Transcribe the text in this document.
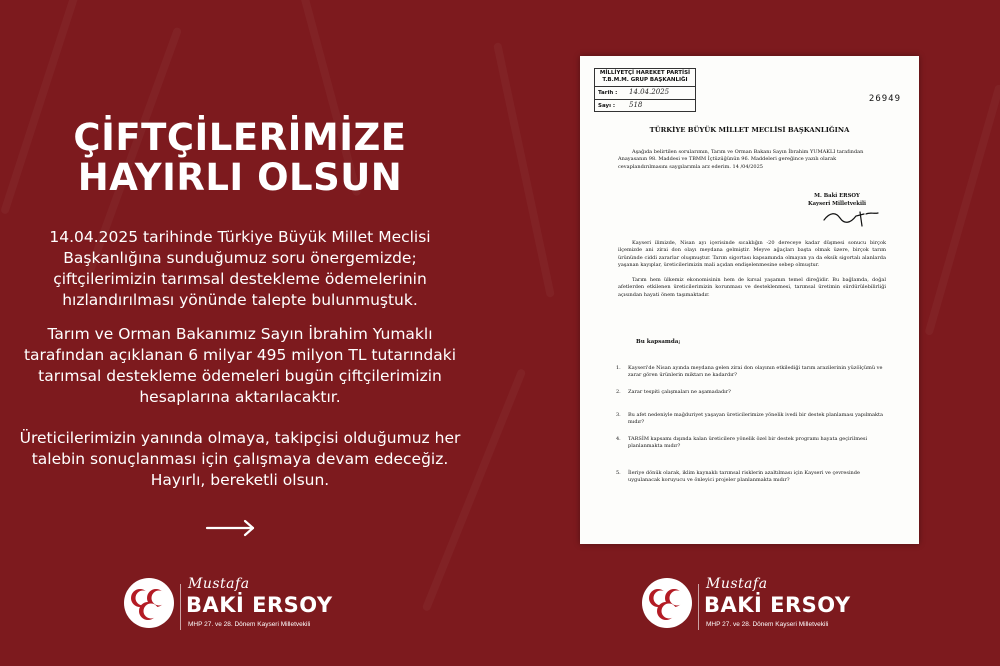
ÇİFTÇİLERİMİZE
HAYIRLI OLSUN
14.04.2025 tarihinde Türkiye Büyük Millet Meclisi Başkanlığına sunduğumuz soru önergemizde; çiftçilerimizin tarımsal destekleme ödemelerinin hızlandırılması yönünde talepte bulunmuştuk.
Tarım ve Orman Bakanımız Sayın İbrahim Yumaklı tarafından açıklanan 6 milyar 495 milyon TL tutarındaki tarımsal destekleme ödemeleri bugün çiftçilerimizin hesaplarına aktarılacaktır.
Üreticilerimizin yanında olmaya, takipçisi olduğumuz her talebin sonuçlanması için çalışmaya devam edeceğiz. Hayırlı, bereketli olsun.
MİLLİYETÇİ HAREKET PARTİSİ T.B.M.M. GRUP BAŞKANLIĞI
Tarih : 14.04.2025
Sayı : 518
26949
TÜRKİYE BÜYÜK MİLLET MECLİSİ BAŞKANLIĞINA
Aşağıda belirtilen sorularımın, Tarım ve Orman Bakanı Sayın İbrahim YUMAKLI tarafından Anayasanın 98. Maddesi ve TBMM İçtüzüğünün 96. Maddeleri gereğince yazılı olarak cevaplandırılmasını saygılarımla arz ederim. 14 /04/2025
M. Baki ERSOY
Kayseri Milletvekili
Kayseri ilimizde, Nisan ayı içerisinde sıcaklığın -20 dereceye kadar düşmesi sonucu birçok ilçemizde ani zirai don olayı meydana gelmiştir. Meyve ağaçları başta olmak üzere, birçok tarım ürününde ciddi zararlar oluşmuştur. Tarım sigortası kapsamında olmayan ya da eksik sigortalı alanlarda yaşanan kayıplar, üreticilerimizin mali açıdan endişelenmesine sebep olmuştur.
Tarım hem ülkemiz ekonomisinin hem de kırsal yaşamın temel direğidir. Bu bağlamda, doğal afetlerden etkilenen üreticilerimizin korunması ve desteklenmesi, tarımsal üretimin sürdürülebilirliği açısından hayati önem taşımaktadır.
Bu kapsamda;
1. Kayseri'de Nisan ayında meydana gelen zirai don olayının etkilediği tarım arazilerinin yüzölçümü ve zarar gören ürünlerin miktarı ne kadardır?
2. Zarar tespiti çalışmaları ne aşamadadır?
3. Bu afet nedeniyle mağduriyet yaşayan üreticilerimize yönelik ivedi bir destek planlaması yapılmakta mıdır?
4. TARSİM kapsamı dışında kalan üreticilere yönelik özel bir destek programı hayata geçirilmesi planlanmakta mıdır?
5. İleriye dönük olarak, iklim kaynaklı tarımsal risklerin azaltılması için Kayseri ve çevresinde uygulanacak koruyucu ve önleyici projeler planlanmakta mıdır?
Mustafa
BAKİ ERSOY
MHP 27. ve 28. Dönem Kayseri Milletvekili
Mustafa
BAKİ ERSOY
MHP 27. ve 28. Dönem Kayseri Milletvekili
